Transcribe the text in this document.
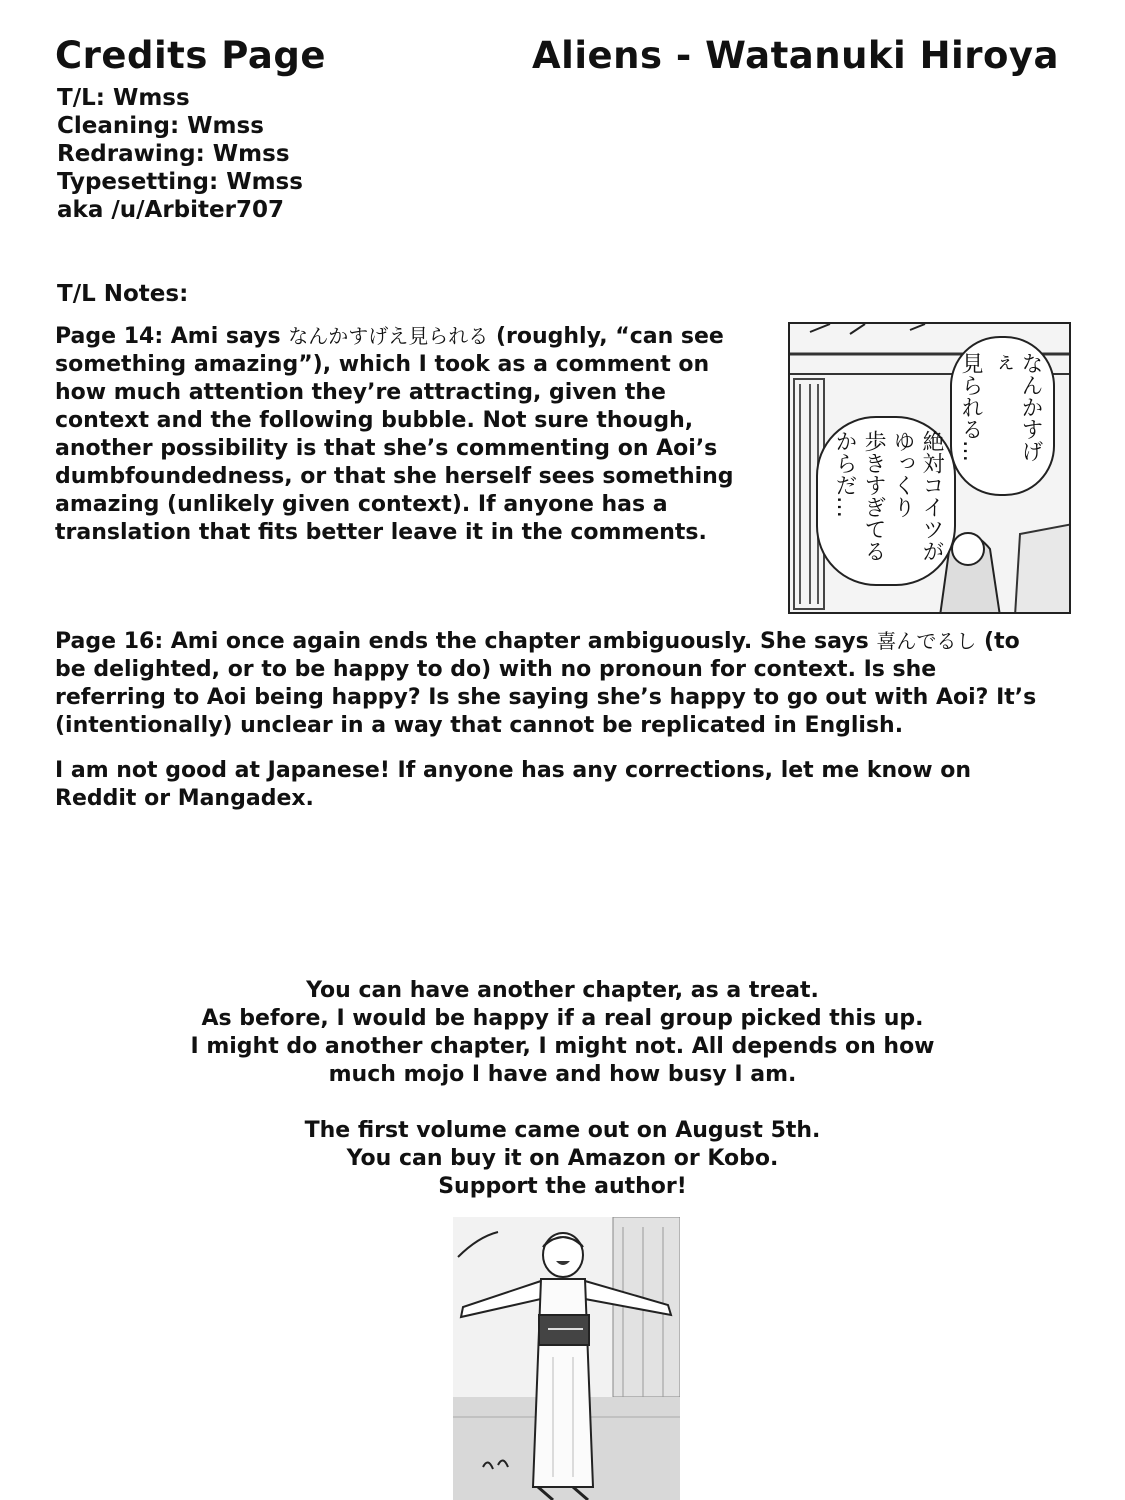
Credits Page	Aliens - Watanuki Hiroya

T/L: Wmss

Cleaning: Wmss

Redrawing: Wmss

Typesetting: Wmss

aka /u/Arbiter707

T/L Notes:
Page 14: Ami says なんかすげえ見られる (roughly, “can see something amazing”), which I took as a comment on how much attention they’re attracting, given the context and the following bubble. Not sure though, another possibility is that she’s commenting on Aoi’s dumbfoundedness, or that she herself sees something amazing (unlikely given context). If anyone has a translation that fits better leave it in the comments.
なんかすげぇ
見られる…
絶対コイツが
ゆっくり
歩きすぎてる
からだ…
Page 16: Ami once again ends the chapter ambiguously. She says 喜んでるし (to be delighted, or to be happy to do) with no pronoun for context. Is she referring to Aoi being happy? Is she saying she’s happy to go out with Aoi? It’s (intentionally) unclear in a way that cannot be replicated in English.
I am not good at Japanese! If anyone has any corrections, let me know on Reddit or Mangadex.
You can have another chapter, as a treat.
As before, I would be happy if a real group picked this up.
I might do another chapter, I might not. All depends on how
much mojo I have and how busy I am.
The first volume came out on August 5th.
You can buy it on Amazon or Kobo.
Support the author!
